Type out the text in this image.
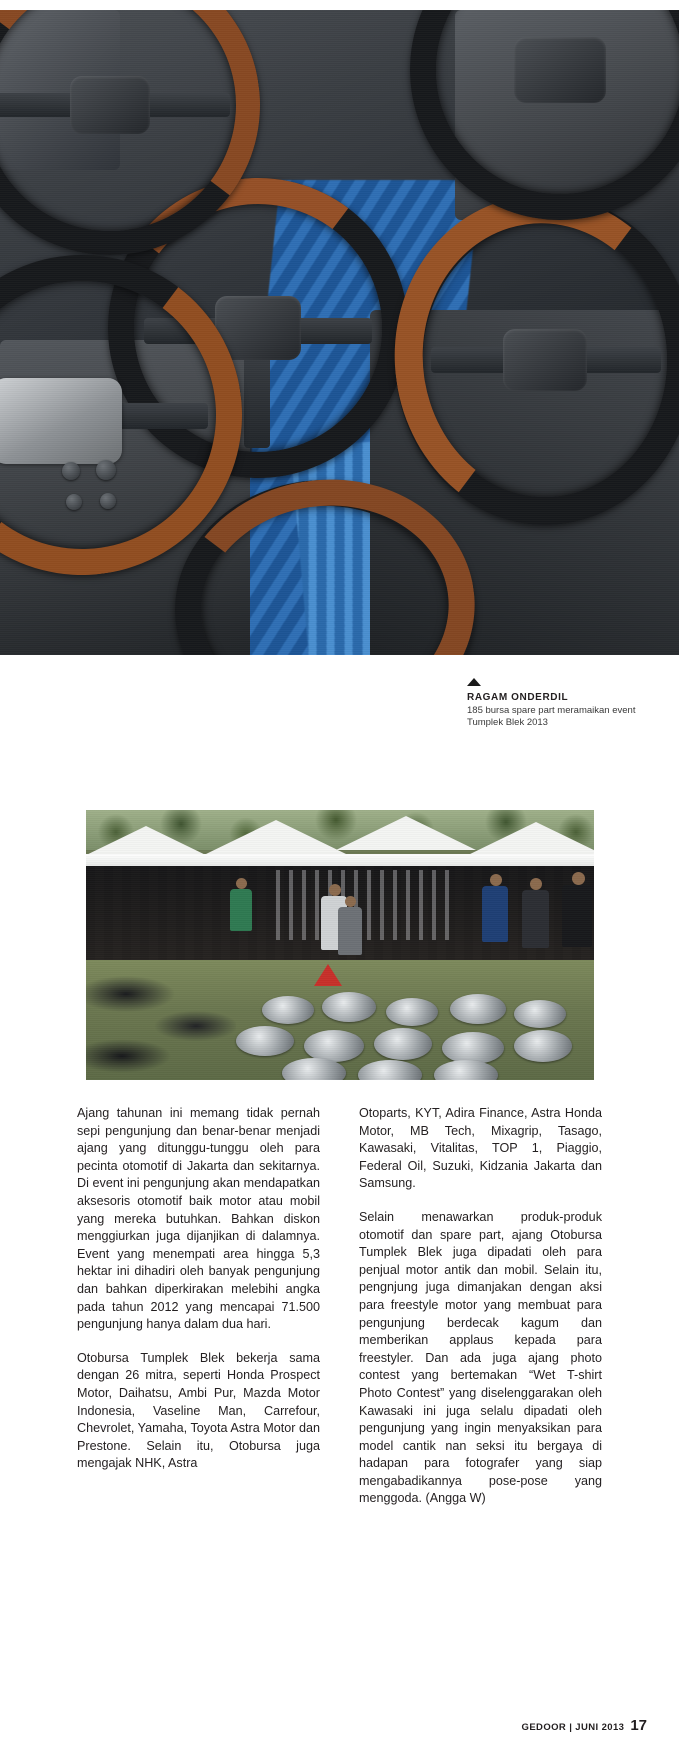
RAGAM ONDERDIL
185 bursa spare part meramaikan event Tumplek Blek 2013

Ajang tahunan ini memang tidak pernah sepi pengunjung dan benar-benar menjadi ajang yang ditunggu-tunggu oleh para pecinta otomotif di Jakarta dan sekitarnya. Di event ini pengunjung akan mendapatkan aksesoris otomotif baik motor atau mobil yang mereka butuhkan. Bahkan diskon menggiurkan juga dijanjikan di dalamnya. Event yang menempati area hingga 5,3 hektar ini dihadiri oleh banyak pengunjung dan bahkan diperkirakan melebihi angka pada tahun 2012 yang mencapai 71.500 pengunjung hanya dalam dua hari.

Otobursa Tumplek Blek bekerja sama dengan 26 mitra, seperti Honda Prospect Motor, Daihatsu, Ambi Pur, Mazda Motor Indonesia, Vaseline Man, Carrefour, Chevrolet, Yamaha, Toyota Astra Motor dan Prestone. Selain itu, Otobursa juga mengajak NHK, Astra

Otoparts, KYT, Adira Finance, Astra Honda Motor, MB Tech, Mixagrip, Tasago, Kawasaki, Vitalitas, TOP 1, Piaggio, Federal Oil, Suzuki, Kidzania Jakarta dan Samsung.

Selain menawarkan produk-produk otomotif dan spare part, ajang Otobursa Tumplek Blek juga dipadati oleh para penjual motor antik dan mobil. Selain itu, pengnjung juga dimanjakan dengan aksi para freestyle motor yang membuat para pengunjung berdecak kagum dan memberikan applaus kepada para freestyler. Dan ada juga ajang photo contest yang bertemakan “Wet T-shirt Photo Contest” yang diselenggarakan oleh Kawasaki ini juga selalu dipadati oleh pengunjung yang ingin menyaksikan para model cantik nan seksi itu bergaya di hadapan para fotografer yang siap mengabadikannya pose-pose yang menggoda. (Angga W)

GEDOOR | JUNI 2013 17
